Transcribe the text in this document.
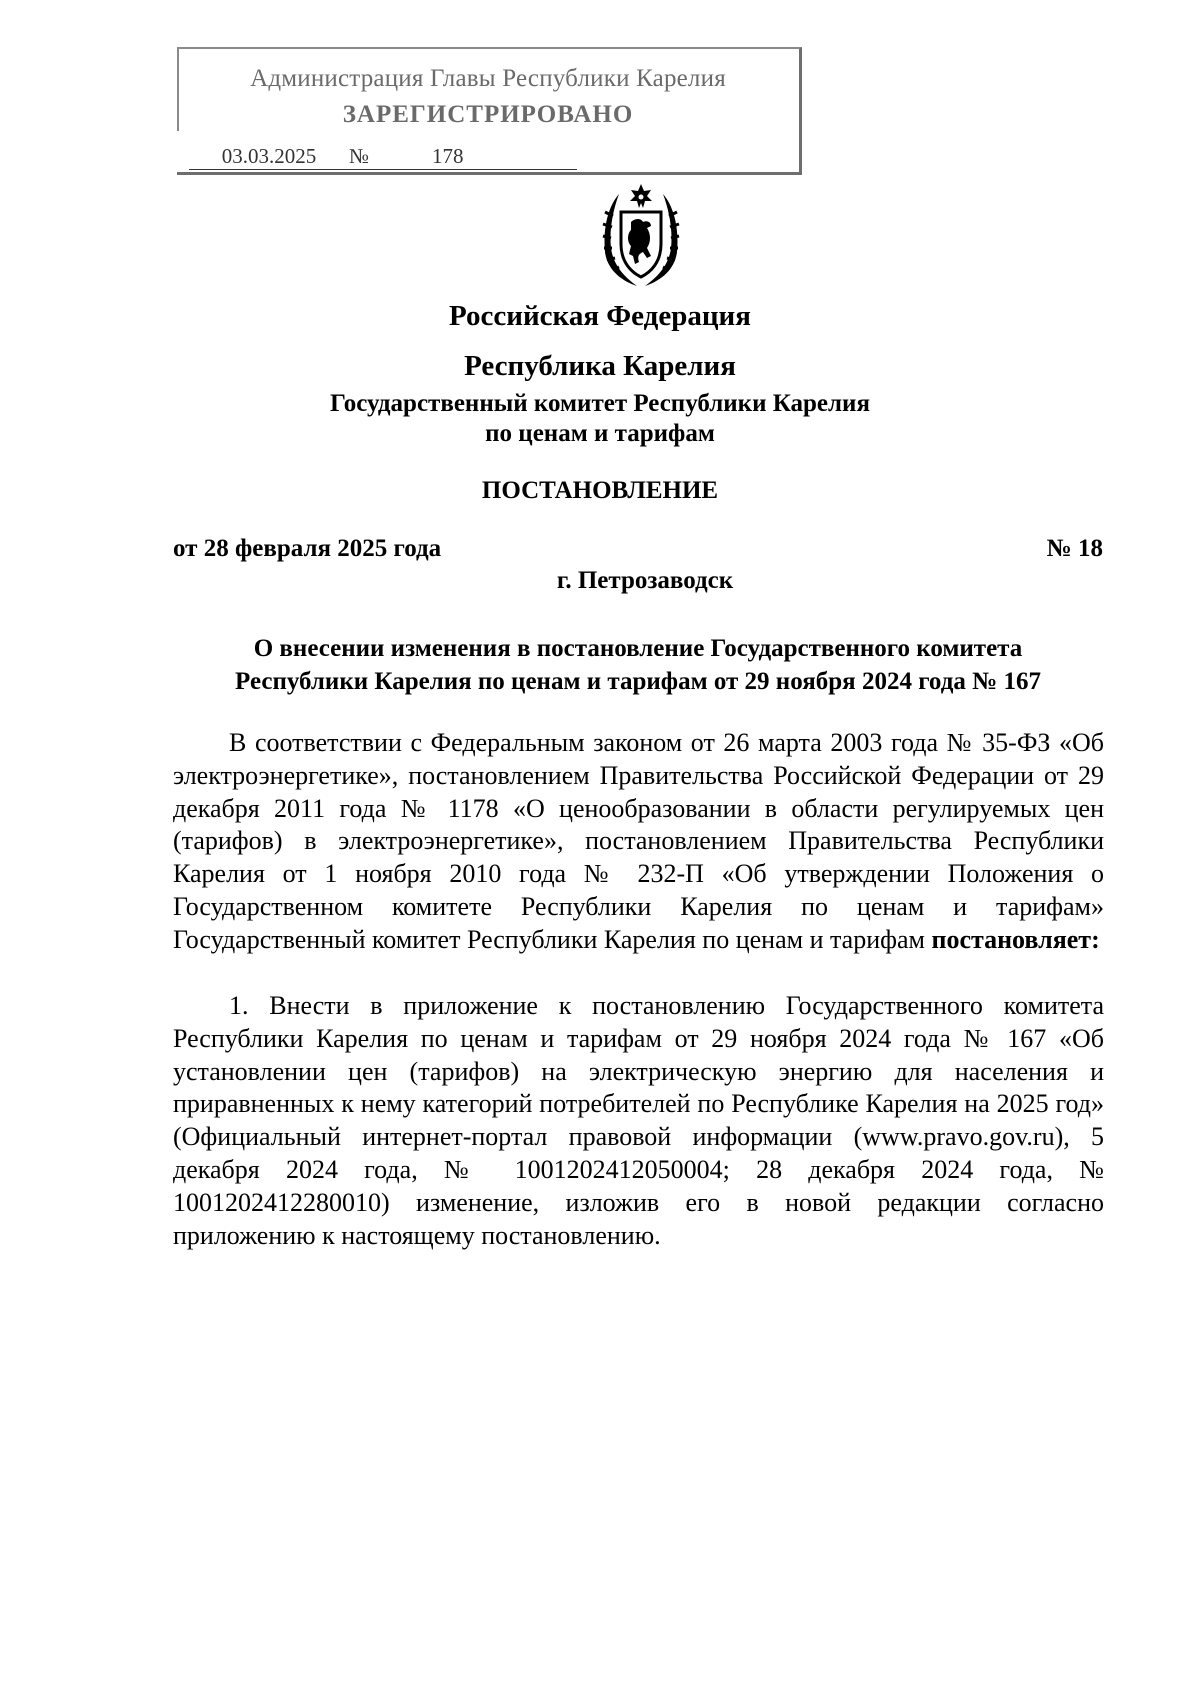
Администрация Главы Республики Карелия
ЗАРЕГИСТРИРОВАНО
03.03.2025 №	178
Российская Федерация
Республика Карелия
Государственный комитет Республики Карелия
по ценам и тарифам
ПОСТАНОВЛЕНИЕ
от 28 февраля 2025 года	№ 18
г. Петрозаводск
О внесении изменения в постановление Государственного комитета
Республики Карелия по ценам и тарифам от 29 ноября 2024 года № 167
В соответствии с Федеральным законом от 26 марта 2003 года № 35-ФЗ «Об электроэнергетике», постановлением Правительства Российской Федерации от 29 декабря 2011 года № 1178 «О ценообразовании в области регулируемых цен (тарифов) в электроэнергетике», постановлением Правительства Республики Карелия от 1 ноября 2010 года № 232-П «Об утверждении Положения о Государственном комитете Республики Карелия по ценам и тарифам» Государственный комитет Республики Карелия по ценам и тарифам постановляет:
1. Внести в приложение к постановлению Государственного комитета Республики Карелия по ценам и тарифам от 29 ноября 2024 года № 167 «Об установлении цен (тарифов) на электрическую энергию для населения и приравненных к нему категорий потребителей по Республике Карелия на 2025 год» (Официальный интернет-портал правовой информации (www.pravo.gov.ru), 5 декабря 2024 года, № 1001202412050004; 28 декабря 2024 года, № 1001202412280010) изменение, изложив его в новой редакции согласно приложению к настоящему постановлению.
